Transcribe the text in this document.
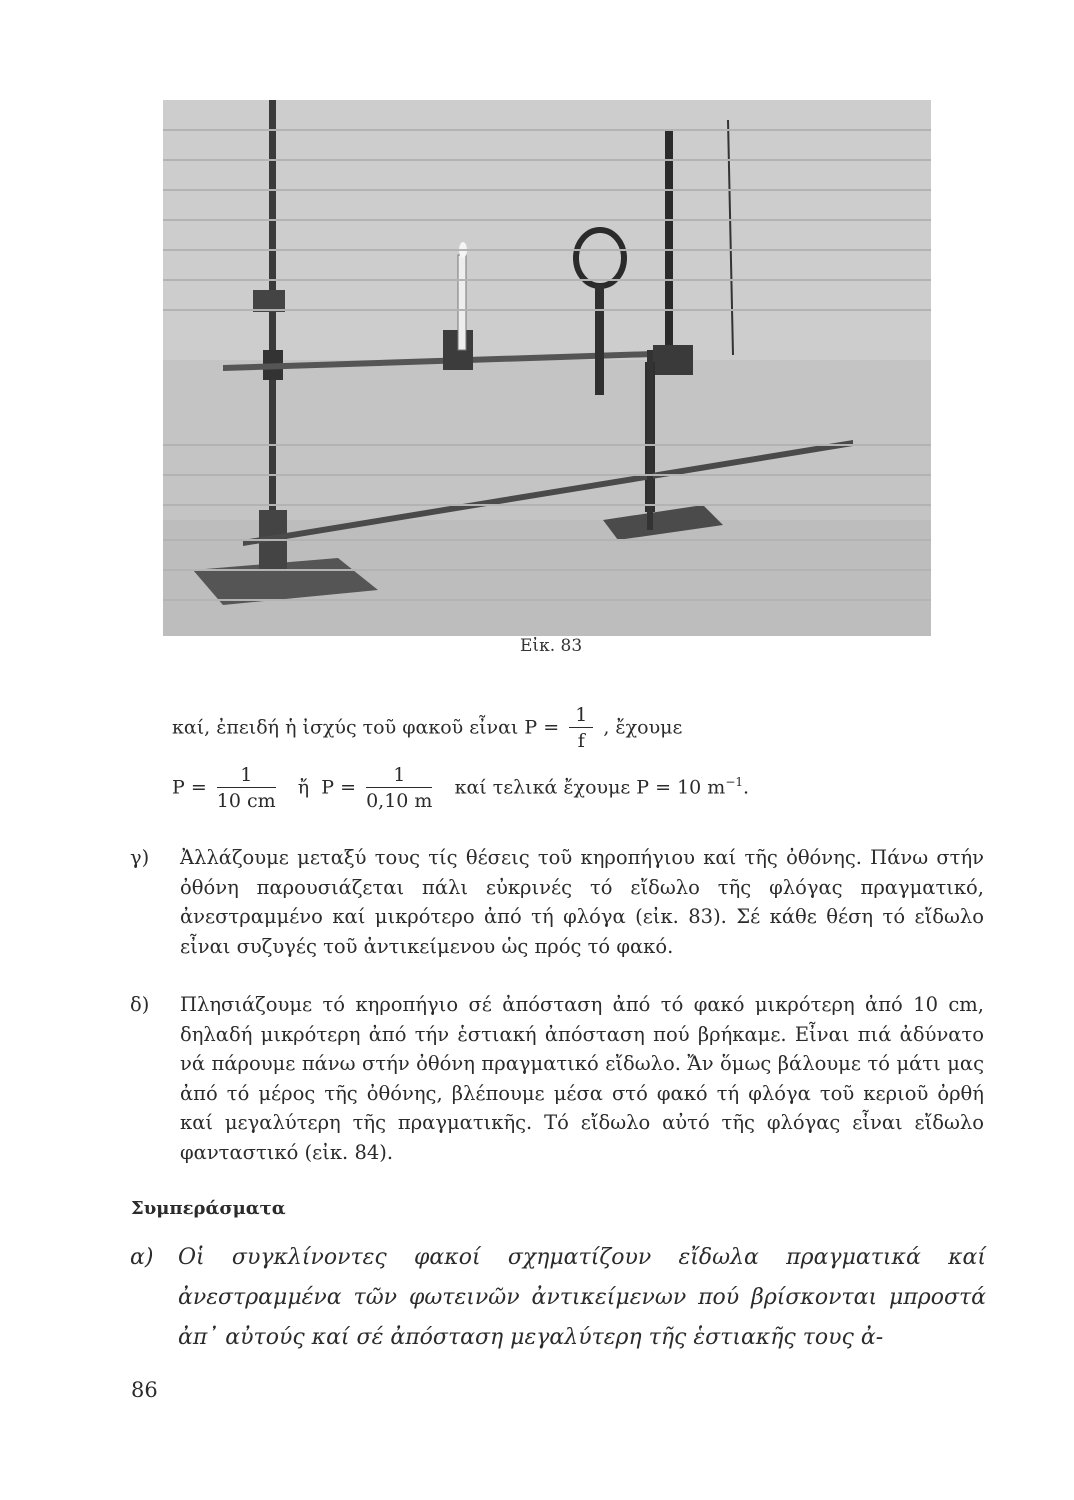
Εἰκ. 83
καί, ἐπειδή ἡ ἰσχύς τοῦ φακοῦ εἶναι $P = \frac{1}{f}$ , ἔχουμε
$P = \frac{1}{10 cm}$ ἤ $P = \frac{1}{0,10 m}$ καί τελικά ἔχουμε P = 10 $m^{-1}$.
γ) Ἀλλάζουμε μεταξύ τους τίς θέσεις τοῦ κηροπήγιου καί τῆς ὀθόνης. Πάνω στήν ὀθόνη παρουσιάζεται πάλι εὐκρινές τό εἴδωλο τῆς φλόγας πραγματικό, ἀνεστραμμένο καί μικρότερο ἀπό τή φλόγα (εἰκ. 83). Σέ κάθε θέση τό εἴδωλο εἶναι συζυγές τοῦ ἀντικείμενου ὡς πρός τό φακό.
δ) Πλησιάζουμε τό κηροπήγιο σέ ἀπόσταση ἀπό τό φακό μικρότερη ἀπό 10 cm, δηλαδή μικρότερη ἀπό τήν ἑστιακή ἀπόσταση πού βρήκαμε. Εἶναι πιά ἀδύνατο νά πάρουμε πάνω στήν ὀθόνη πραγματικό εἴδωλο. Ἄν ὅμως βάλουμε τό μάτι μας ἀπό τό μέρος τῆς ὀθόνης, βλέπουμε μέσα στό φακό τή φλόγα τοῦ κεριοῦ ὀρθή καί μεγαλύτερη τῆς πραγματικῆς. Τό εἴδωλο αὐτό τῆς φλόγας εἶναι εἴδωλο φανταστικό (εἰκ. 84).
Συμπεράσματα
α) Οἱ συγκλίνοντες φακοί σχηματίζουν εἴδωλα πραγματικά καί ἀνεστραμμένα τῶν φωτεινῶν ἀντικείμενων πού βρίσκονται μπροστά ἀπ᾽ αὐτούς καί σέ ἀπόσταση μεγαλύτερη τῆς ἑστιακῆς τους ἀ-
86
